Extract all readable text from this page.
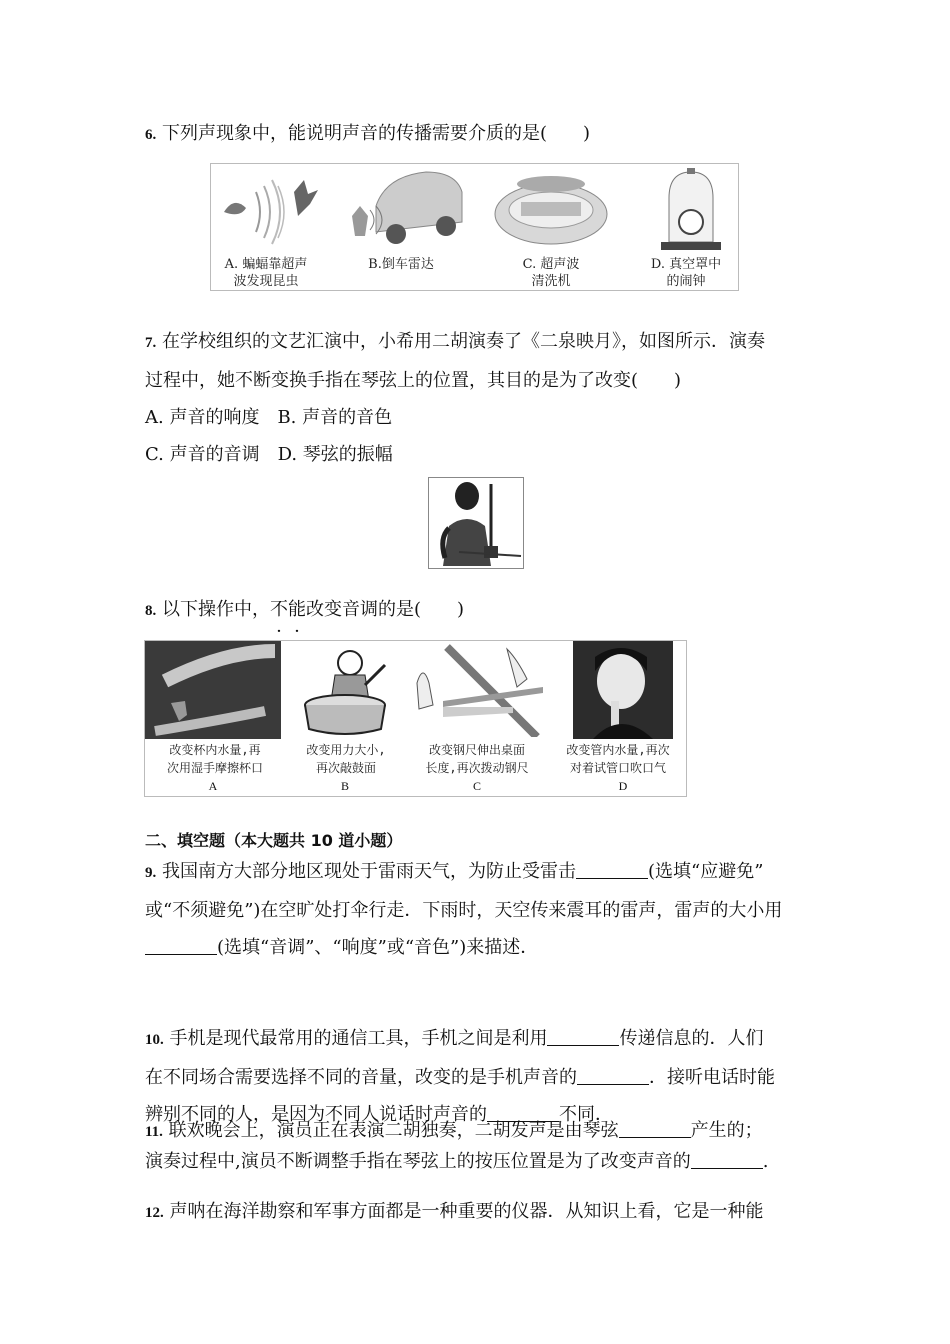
6. 下列声现象中，能说明声音的传播需要介质的是(　　)
A. 蝙蝠靠超声
波发现昆虫
B.倒车雷达	C. 超声波
清洗机
D. 真空罩中
的闹钟
7. 在学校组织的文艺汇演中，小希用二胡演奏了《二泉映月》，如图所示．演奏
过程中，她不断变换手指在琴弦上的位置，其目的是为了改变(　　)
A. 声音的响度　 B. 声音的音色
C. 声音的音调　 D. 琴弦的振幅
8. 以下操作中，不能改变音调的是(　　)
改变杯内水量,再
次用湿手摩擦杯口
改变用力大小,
再次敲鼓面
改变钢尺伸出桌面
长度,再次拨动钢尺
改变管内水量,再次
对着试管口吹口气
A	B	C	D
二、填空题（本大题共 10 道小题）
9. 我国南方大部分地区现处于雷雨天气，为防止受雷击	(选填“应避免”
或“不须避免”)在空旷处打伞行走．下雨时，天空传来震耳的雷声，雷声的大小用
(选填“音调”、“响度”或“音色”)来描述．
10. 手机是现代最常用的通信工具，手机之间是利用	传递信息的．人们
在不同场合需要选择不同的音量，改变的是手机声音的	．接听电话时能
辨别不同的人，是因为不同人说话时声音的	不同．
11. 联欢晚会上，演员正在表演二胡独奏，二胡发声是由琴弦	产生的；
演奏过程中,演员不断调整手指在琴弦上的按压位置是为了改变声音的	.
12. 声呐在海洋勘察和军事方面都是一种重要的仪器．从知识上看，它是一种能
